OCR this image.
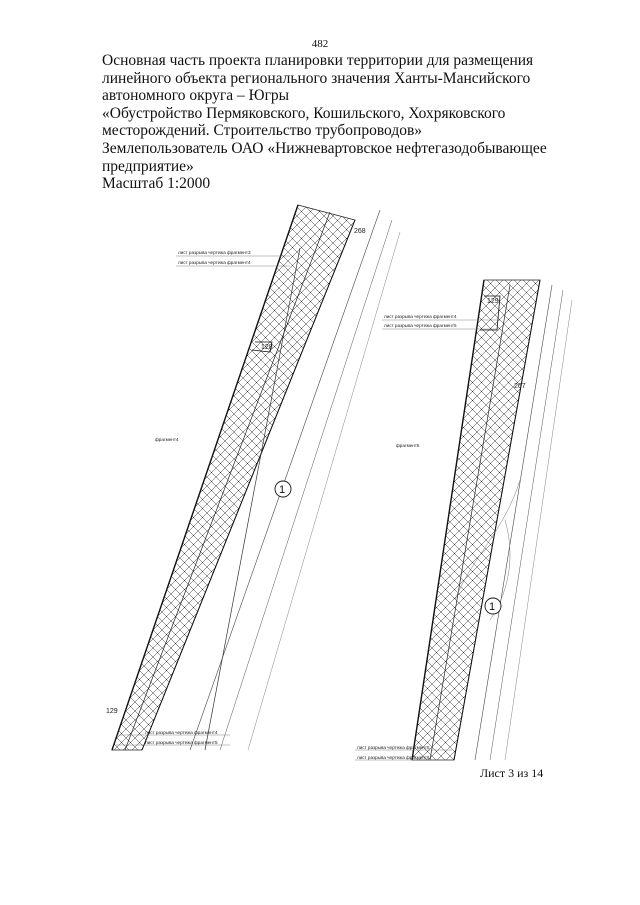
482
Основная часть проекта планировки территории для размещения
линейного объекта регионального значения Ханты-Мансийского
автономного округа – Югры
«Обустройство Пермяковского, Кошильского, Хохряковского
месторождений. Строительство трубопроводов»
Землепользователь ОАО «Нижневартовское нефтегазодобывающее
предприятие»
Масштаб 1:2000
лист разрыва чертежа фрагмент3
лист разрыва чертежа фрагмент4
фрагмент4
лист разрыва чертежа фрагмент4
лист разрыва чертежа фрагмент5
268
128
129
1
лист разрыва чертежа фрагмент4
лист разрыва чертежа фрагмент5
фрагмент5
лист разрыва чертежа фрагмент5
лист разрыва чертежа фрагмент6
129
267
1
Лист 3 из 14
